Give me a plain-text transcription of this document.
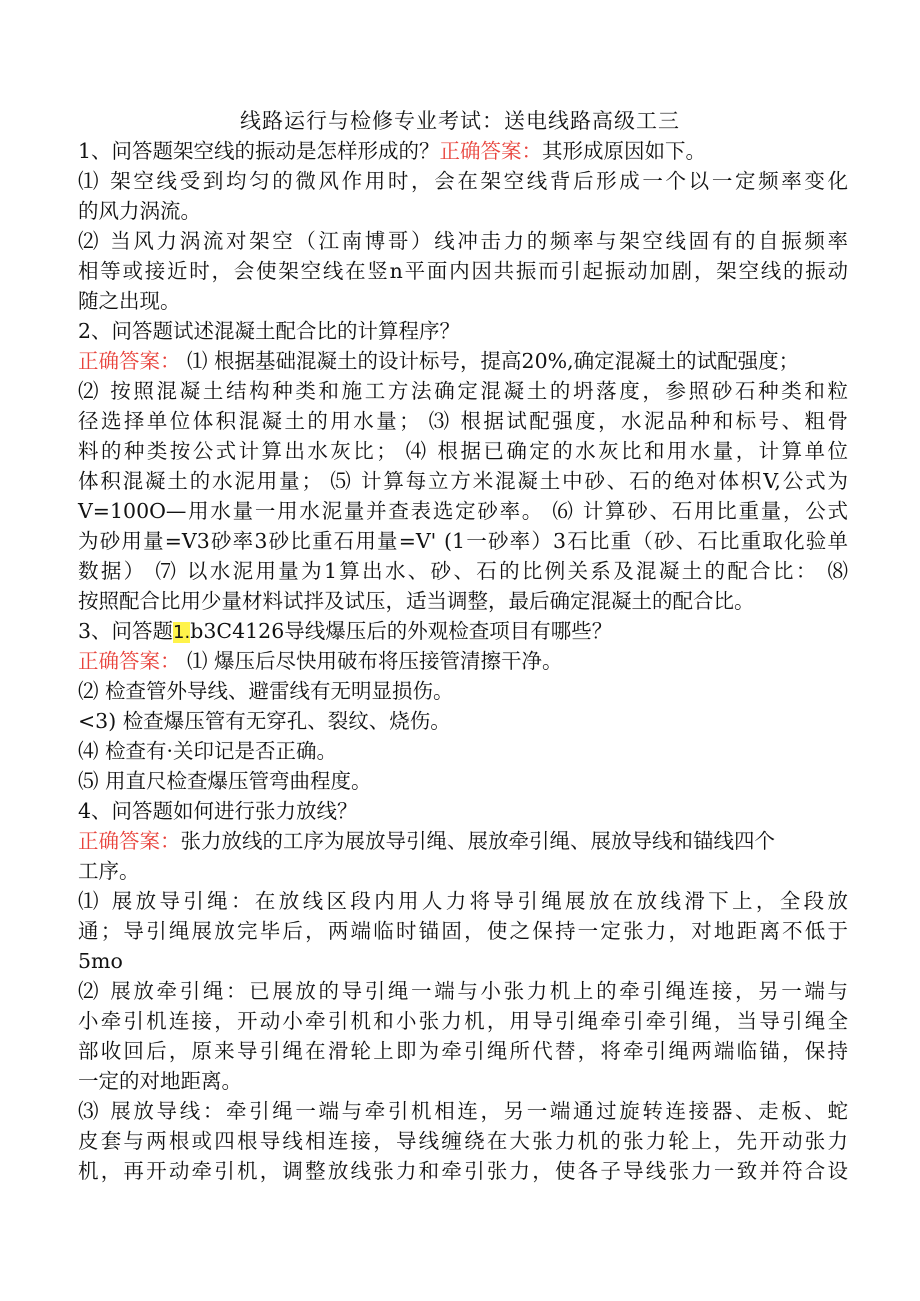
线路运行与检修专业考试：送电线路高级工三
1、问答题架空线的振动是怎样形成的？正确答案：其形成原因如下。
⑴ 架空线受到均匀的微风作用时，会在架空线背后形成一个以一定频率变化
的风力涡流。
⑵ 当风力涡流对架空（江南博哥）线冲击力的频率与架空线固有的自振频率
相等或接近时，会使架空线在竖n平面内因共振而引起振动加剧，架空线的振动
随之出现。
2、问答题试述混凝土配合比的计算程序？
正确答案： ⑴ 根据基础混凝土的设计标号，提高20%,确定混凝土的试配强度；
⑵ 按照混凝土结构种类和施工方法确定混凝土的坍落度，参照砂石种类和粒
径选择单位体积混凝土的用水量； ⑶ 根据试配强度，水泥品种和标号、粗骨
料的种类按公式计算出水灰比； ⑷ 根据已确定的水灰比和用水量，计算单位
体积混凝土的水泥用量； ⑸ 计算每立方米混凝土中砂、石的绝对体枳V,公式为
V=100O—用水量一用水泥量并查表选定砂率。 ⑹ 计算砂、石用比重量，公式
为砂用量=V3砂率3砂比重石用量=V' (1一砂率）3石比重（砂、石比重取化验单
数据） ⑺ 以水泥用量为1算出水、砂、石的比例关系及混凝土的配合比： ⑻
按照配合比用少量材料试拌及试压，适当调整，最后确定混凝土的配合比。
3、问答题1.b3C4126导线爆压后的外观检查项目有哪些？
正确答案： ⑴ 爆压后尽快用破布将压接管清擦干净。
⑵ 检查管外导线、避雷线有无明显损伤。
<3) 检查爆压管有无穿孔、裂纹、烧伤。
⑷ 检查有·关印记是否正确。
⑸ 用直尺检查爆压管弯曲程度。
4、问答题如何进行张力放线？
正确答案：张力放线的工序为展放导引绳、展放牵引绳、展放导线和锚线四个
工序。
⑴ 展放导引绳：在放线区段内用人力将导引绳展放在放线滑下上，全段放
通；导引绳展放完毕后，两端临时锚固，使之保持一定张力，对地距离不低于
5mo
⑵ 展放牵引绳：已展放的导引绳一端与小张力机上的牵引绳连接，另一端与
小牵引机连接，开动小牵引机和小张力机，用导引绳牵引牵引绳，当导引绳全
部收回后，原来导引绳在滑轮上即为牵引绳所代替，将牵引绳两端临锚，保持
一定的对地距离。
⑶ 展放导线：牵引绳一端与牵引机相连，另一端通过旋转连接器、走板、蛇
皮套与两根或四根导线相连接，导线缠绕在大张力机的张力轮上，先开动张力
机，再开动牵引机，调整放线张力和牵引张力，使各子导线张力一致并符合设
